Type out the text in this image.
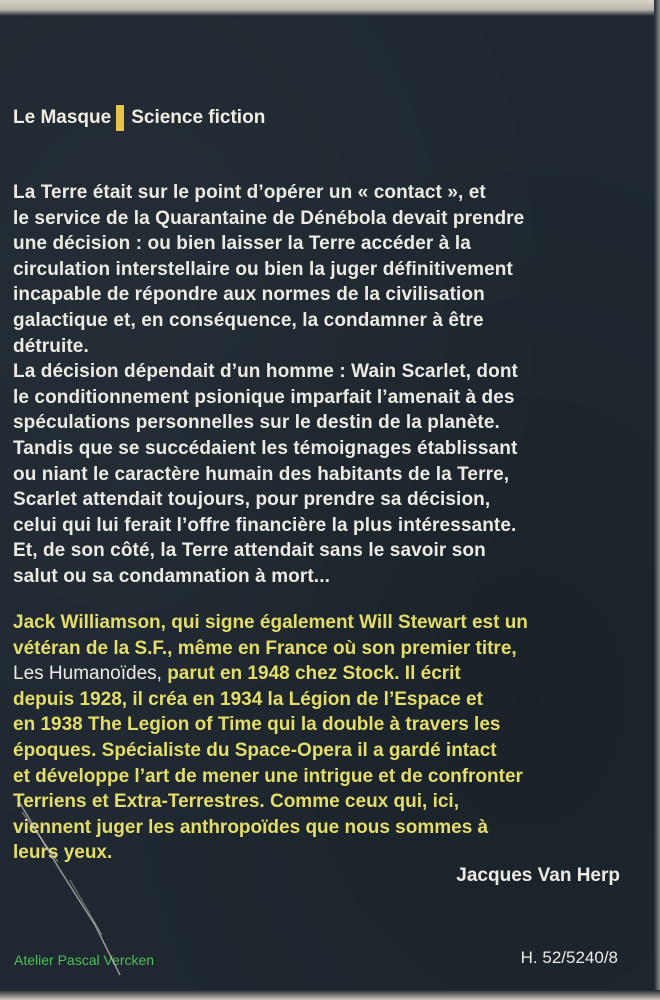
Le Masque Science fiction

La Terre était sur le point d’opérer un « contact », et

le service de la Quarantaine de Dénébola devait prendre

une décision : ou bien laisser la Terre accéder à la

circulation interstellaire ou bien la juger définitivement

incapable de répondre aux normes de la civilisation

galactique et, en conséquence, la condamner à être

détruite.

La décision dépendait d’un homme : Wain Scarlet, dont

le conditionnement psionique imparfait l’amenait à des

spéculations personnelles sur le destin de la planète.

Tandis que se succédaient les témoignages établissant

ou niant le caractère humain des habitants de la Terre,

Scarlet attendait toujours, pour prendre sa décision,

celui qui lui ferait l’offre financière la plus intéressante.

Et, de son côté, la Terre attendait sans le savoir son

salut ou sa condamnation à mort...

Jack Williamson, qui signe également Will Stewart est un

vétéran de la S.F., même en France où son premier titre,

Les Humanoïdes, parut en 1948 chez Stock. Il écrit

depuis 1928, il créa en 1934 la Légion de l’Espace et

en 1938 The Legion of Time qui la double à travers les

époques. Spécialiste du Space-Opera il a gardé intact

et développe l’art de mener une intrigue et de confronter

Terriens et Extra-Terrestres. Comme ceux qui, ici,

viennent juger les anthropoïdes que nous sommes à

leurs yeux.

Jacques Van Herp
Atelier Pascal Vercken	H. 52/5240/8
